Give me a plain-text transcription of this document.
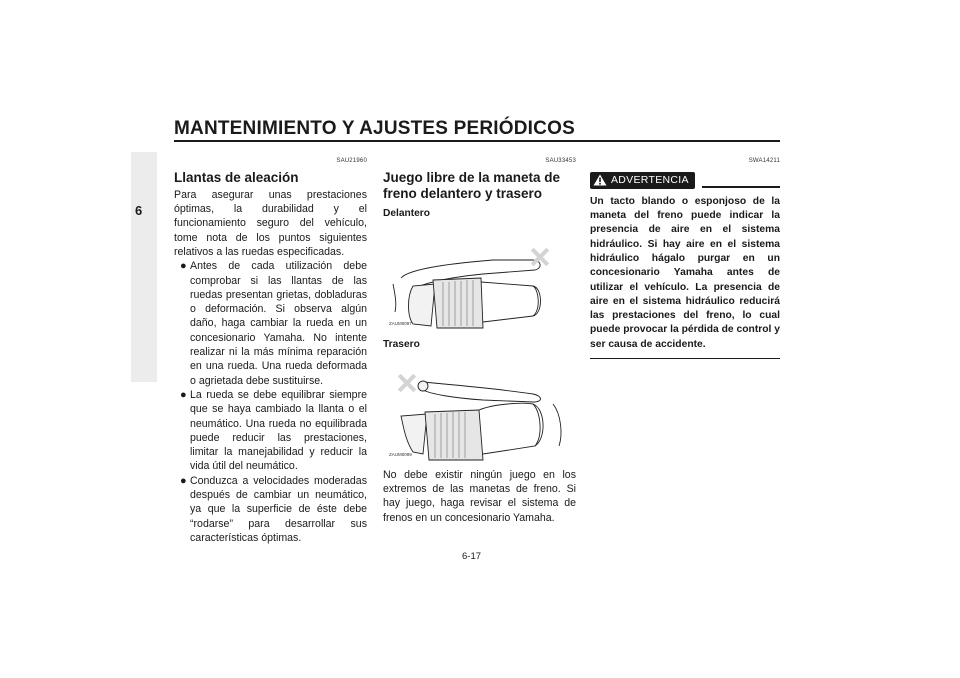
MANTENIMIENTO Y AJUSTES PERIÓDICOS
6
SAU21960
Llantas de aleación

Para asegurar unas prestaciones óptimas, la durabilidad y el funcionamiento seguro del vehículo, tome nota de los puntos siguientes relativos a las ruedas especificadas.

● Antes de cada utilización debe comprobar si las llantas de las ruedas presentan grietas, dobladuras o deformación. Si observa algún daño, haga cambiar la rueda en un concesionario Yamaha. No intente realizar ni la más mínima reparación en una rueda. Una rueda deformada o agrietada debe sustituirse.
● La rueda se debe equilibrar siempre que se haya cambiado la llanta o el neumático. Una rueda no equilibrada puede reducir las prestaciones, limitar la manejabilidad y reducir la vida útil del neumático.
● Conduzca a velocidades moderadas después de cambiar un neumático, ya que la superficie de éste debe “rodarse” para desarrollar sus características óptimas.
SAU33453
Juego libre de la maneta de freno delantero y trasero
Delantero
ZAUM0097
Trasero
ZAUM0099

No debe existir ningún juego en los extremos de las manetas de freno. Si hay juego, haga revisar el sistema de frenos en un concesionario Yamaha.

SWA14211
ADVERTENCIA
Un tacto blando o esponjoso de la maneta del freno puede indicar la presencia de aire en el sistema hidráulico. Si hay aire en el sistema hidráulico hágalo purgar en un concesionario Yamaha antes de utilizar el vehículo. La presencia de aire en el sistema hidráulico reducirá las prestaciones del freno, lo cual puede provocar la pérdida de control y ser causa de accidente.
6-17
